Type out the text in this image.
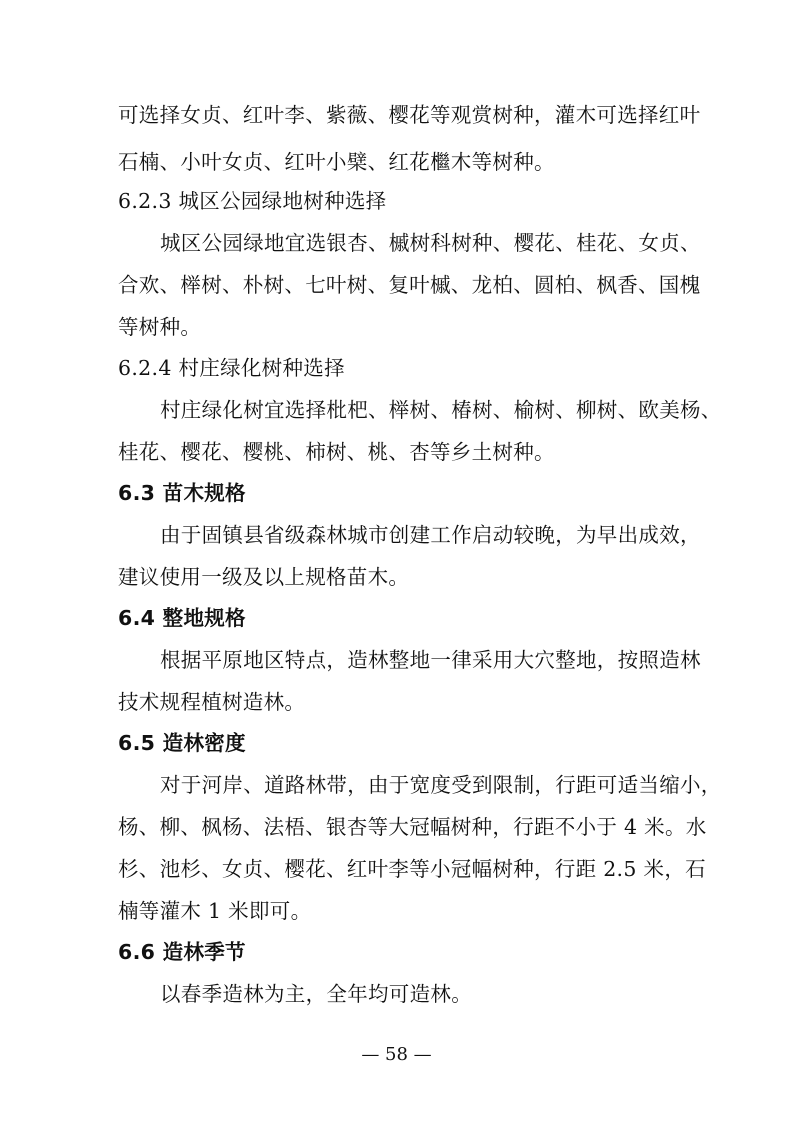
可选择女贞、红叶李、紫薇、樱花等观赏树种，灌木可选择红叶
石楠、小叶女贞、红叶小檗、红花檵木等树种。
6.2.3 城区公园绿地树种选择
城区公园绿地宜选银杏、槭树科树种、樱花、桂花、女贞、
合欢、榉树、朴树、七叶树、复叶槭、龙柏、圆柏、枫香、国槐
等树种。
6.2.4 村庄绿化树种选择
村庄绿化树宜选择枇杷、榉树、椿树、榆树、柳树、欧美杨、
桂花、樱花、樱桃、柿树、桃、杏等乡土树种。
6.3 苗木规格
由于固镇县省级森林城市创建工作启动较晚，为早出成效，
建议使用一级及以上规格苗木。
6.4 整地规格
根据平原地区特点，造林整地一律采用大穴整地，按照造林
技术规程植树造林。
6.5 造林密度
对于河岸、道路林带，由于宽度受到限制，行距可适当缩小，
杨、柳、枫杨、法梧、银杏等大冠幅树种，行距不小于 4 米。水
杉、池杉、女贞、樱花、红叶李等小冠幅树种，行距 2.5 米，石
楠等灌木 1 米即可。
6.6 造林季节
以春季造林为主，全年均可造林。
— 58 —
